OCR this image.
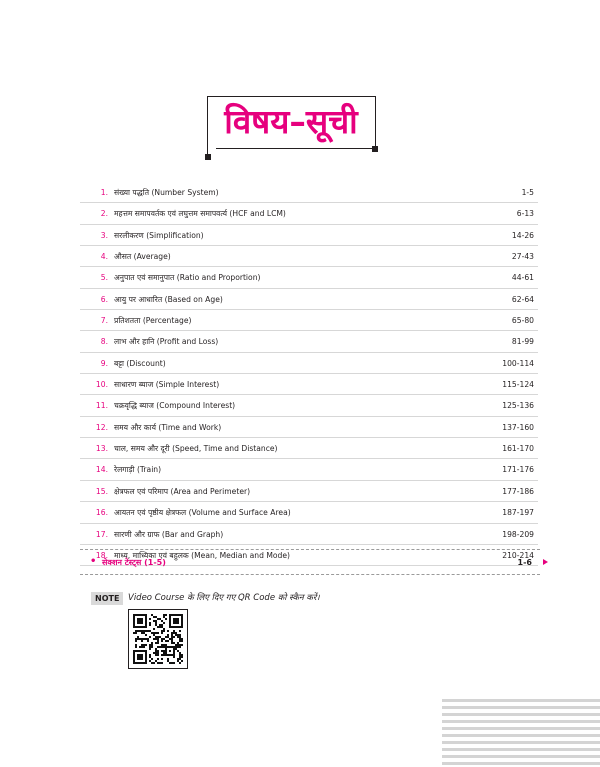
विषय–सूची
1. संख्या पद्धति (Number System)	1-5
2. महत्तम समापवर्तक एवं लघुत्तम समापवर्त्य (HCF and LCM)	6-13
3. सरलीकरण (Simplification)	14-26
4. औसत (Average)	27-43
5. अनुपात एवं समानुपात (Ratio and Proportion)	44-61
6. आयु पर आधारित (Based on Age)	62-64
7. प्रतिशतता (Percentage)	65-80
8. लाभ और हानि (Profit and Loss)	81-99
9. बट्टा (Discount)	100-114
10. साधारण ब्याज (Simple Interest)	115-124
11. चक्रवृद्धि ब्याज (Compound Interest)	125-136
12. समय और कार्य (Time and Work)	137-160
13. चाल, समय और दूरी (Speed, Time and Distance)	161-170
14. रेलगाड़ी (Train)	171-176
15. क्षेत्रफल एवं परिमाप (Area and Perimeter)	177-186
16. आयतन एवं पृष्ठीय क्षेत्रफल (Volume and Surface Area)	187-197
17. सारणी और ग्राफ (Bar and Graph)	198-209
18. माध्य, माध्यिका एवं बहुलक (Mean, Median and Mode)	210-214
• सेक्शन टेस्ट्स (1-5)	1-6
NOTE	Video Course के लिए दिए गए QR Code को स्कैन करें।
